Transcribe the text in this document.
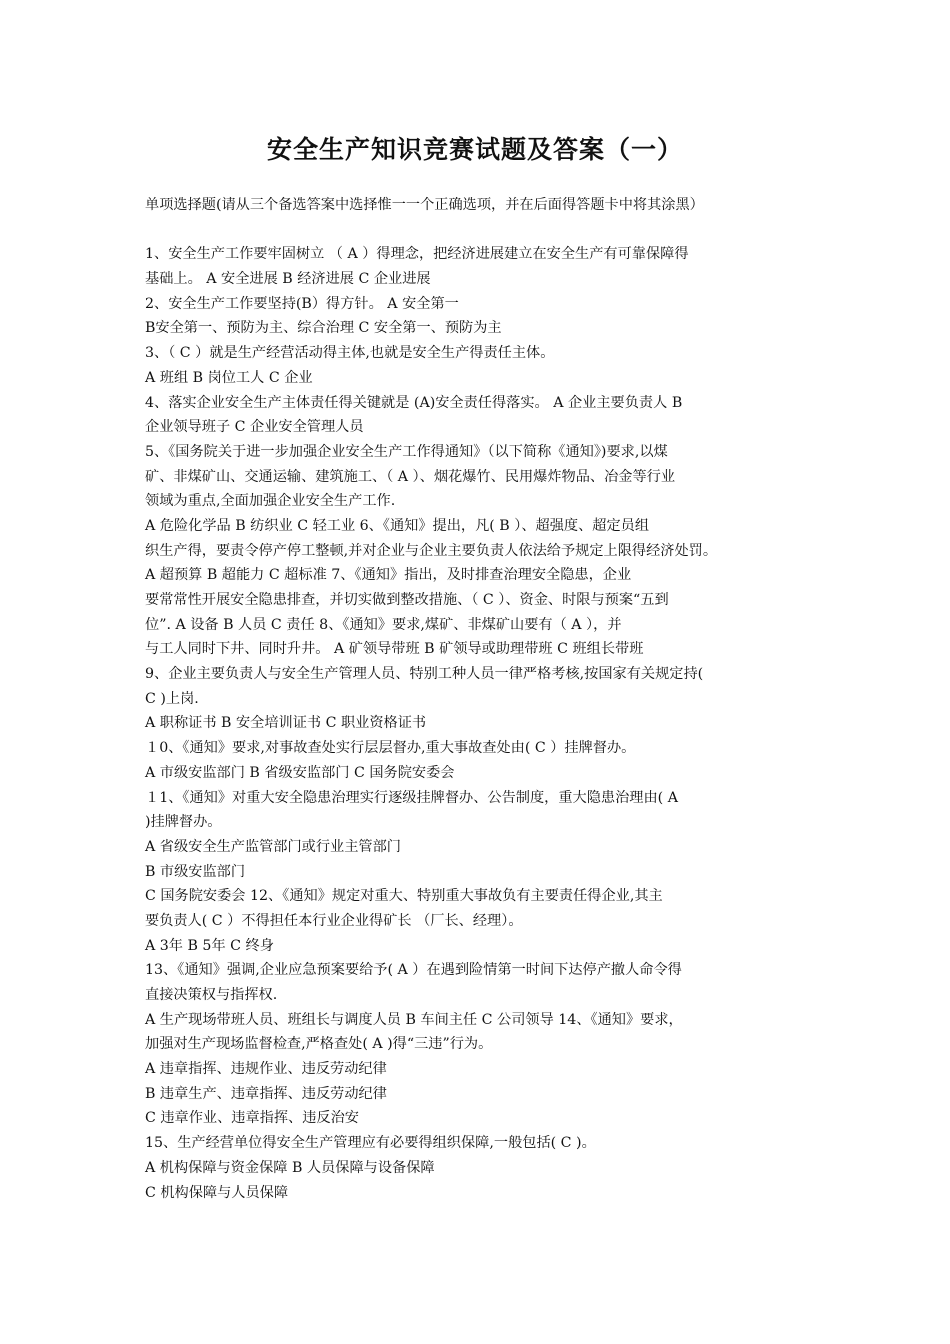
安全生产知识竞赛试题及答案（一）
单项选择题(请从三个备选答案中选择惟一一个正确选项，并在后面得答题卡中将其涂黑）
1、安全生产工作要牢固树立 （ A ）得理念，把经济进展建立在安全生产有可靠保障得
基础上。 A 安全进展 B 经济进展 C 企业进展
2、安全生产工作要坚持(B）得方针。 A 安全第一
B安全第一、预防为主、综合治理 C 安全第一、预防为主
3、（ C ）就是生产经营活动得主体,也就是安全生产得责任主体。
A 班组 B 岗位工人 C 企业
4、落实企业安全生产主体责任得关键就是 (A)安全责任得落实。 A 企业主要负责人 B
企业领导班子 C 企业安全管理人员
5、《国务院关于进一步加强企业安全生产工作得通知》（以下简称《通知》)要求,以煤
矿、非煤矿山、交通运输、建筑施工、（ A ）、烟花爆竹、民用爆炸物品、冶金等行业
领域为重点,全面加强企业安全生产工作.
A 危险化学品 B 纺织业 C 轻工业 6、《通知》提出，凡( B ）、超强度、超定员组
织生产得，要责令停产停工整顿,并对企业与企业主要负责人依法给予规定上限得经济处罚。
A 超预算 B 超能力 C 超标准 7、《通知》指出，及时排查治理安全隐患，企业
要常常性开展安全隐患排查，并切实做到整改措施、（ C ）、资金、时限与预案“五到
位”. A 设备 B 人员 C 责任 8、《通知》要求,煤矿、非煤矿山要有（ A ），并
与工人同时下井、同时升井。 A 矿领导带班 B 矿领导或助理带班 C 班组长带班
9、企业主要负责人与安全生产管理人员、特别工种人员一律严格考核,按国家有关规定持(
C )上岗.
A 职称证书 B 安全培训证书 C 职业资格证书
１0、《通知》要求,对事故查处实行层层督办,重大事故查处由( C ）挂牌督办。
A 市级安监部门 B 省级安监部门 C 国务院安委会
１1、《通知》对重大安全隐患治理实行逐级挂牌督办、公告制度，重大隐患治理由( A
)挂牌督办。
A 省级安全生产监管部门或行业主管部门
B 市级安监部门
C 国务院安委会 12、《通知》规定对重大、特别重大事故负有主要责任得企业,其主
要负责人( C ）不得担任本行业企业得矿长 （厂长、经理）。
A 3年 B 5年 C 终身
13、《通知》强调,企业应急预案要给予( A ）在遇到险情第一时间下达停产撤人命令得
直接决策权与指挥权.
A 生产现场带班人员、班组长与调度人员 B 车间主任 C 公司领导 14、《通知》要求，
加强对生产现场监督检查,严格查处( A )得“三违”行为。
A 违章指挥、违规作业、违反劳动纪律
B 违章生产、违章指挥、违反劳动纪律
C 违章作业、违章指挥、违反治安
15、生产经营单位得安全生产管理应有必要得组织保障,一般包括( C )。
A 机构保障与资金保障 B 人员保障与设备保障
C 机构保障与人员保障
